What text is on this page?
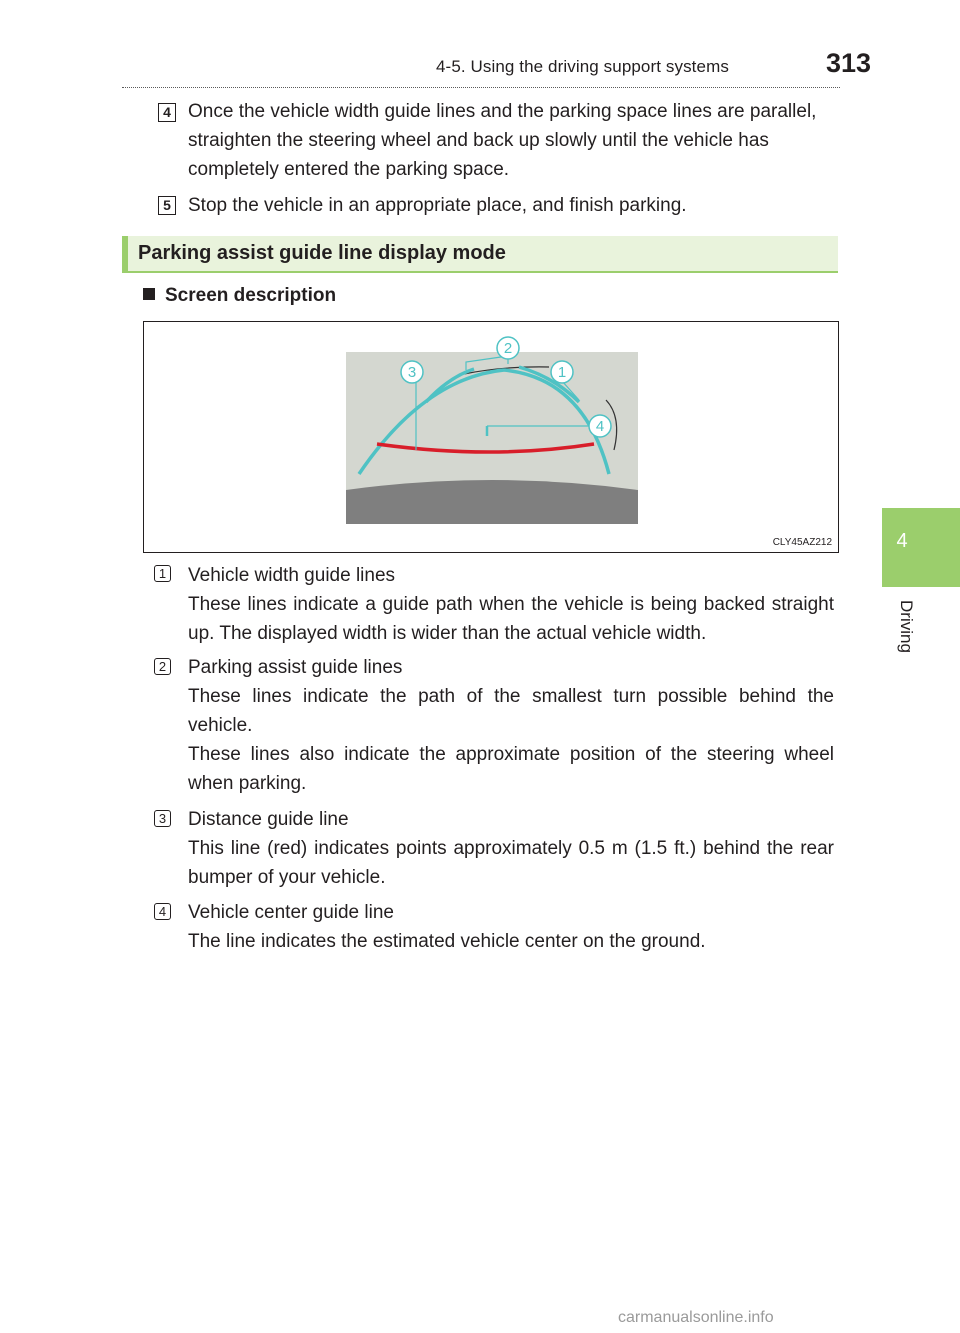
4-5. Using the driving support systems	313
4
Driving
4 Once the vehicle width guide lines and the parking space lines are parallel, straighten the steering wheel and back up slowly until the vehicle has completely entered the parking space.
5 Stop the vehicle in an appropriate place, and finish parking.
Parking assist guide line display mode
Screen description
2
3	1
4
CLY45AZ212
1 Vehicle width guide lines
These lines indicate a guide path when the vehicle is being backed straight up. The displayed width is wider than the actual vehicle width.
2 Parking assist guide lines
These lines indicate the path of the smallest turn possible behind the vehicle.
These lines also indicate the approximate position of the steering wheel when parking.
3 Distance guide line
This line (red) indicates points approximately 0.5 m (1.5 ft.) behind the rear bumper of your vehicle.
4 Vehicle center guide line
The line indicates the estimated vehicle center on the ground.
carmanualsonline.info
